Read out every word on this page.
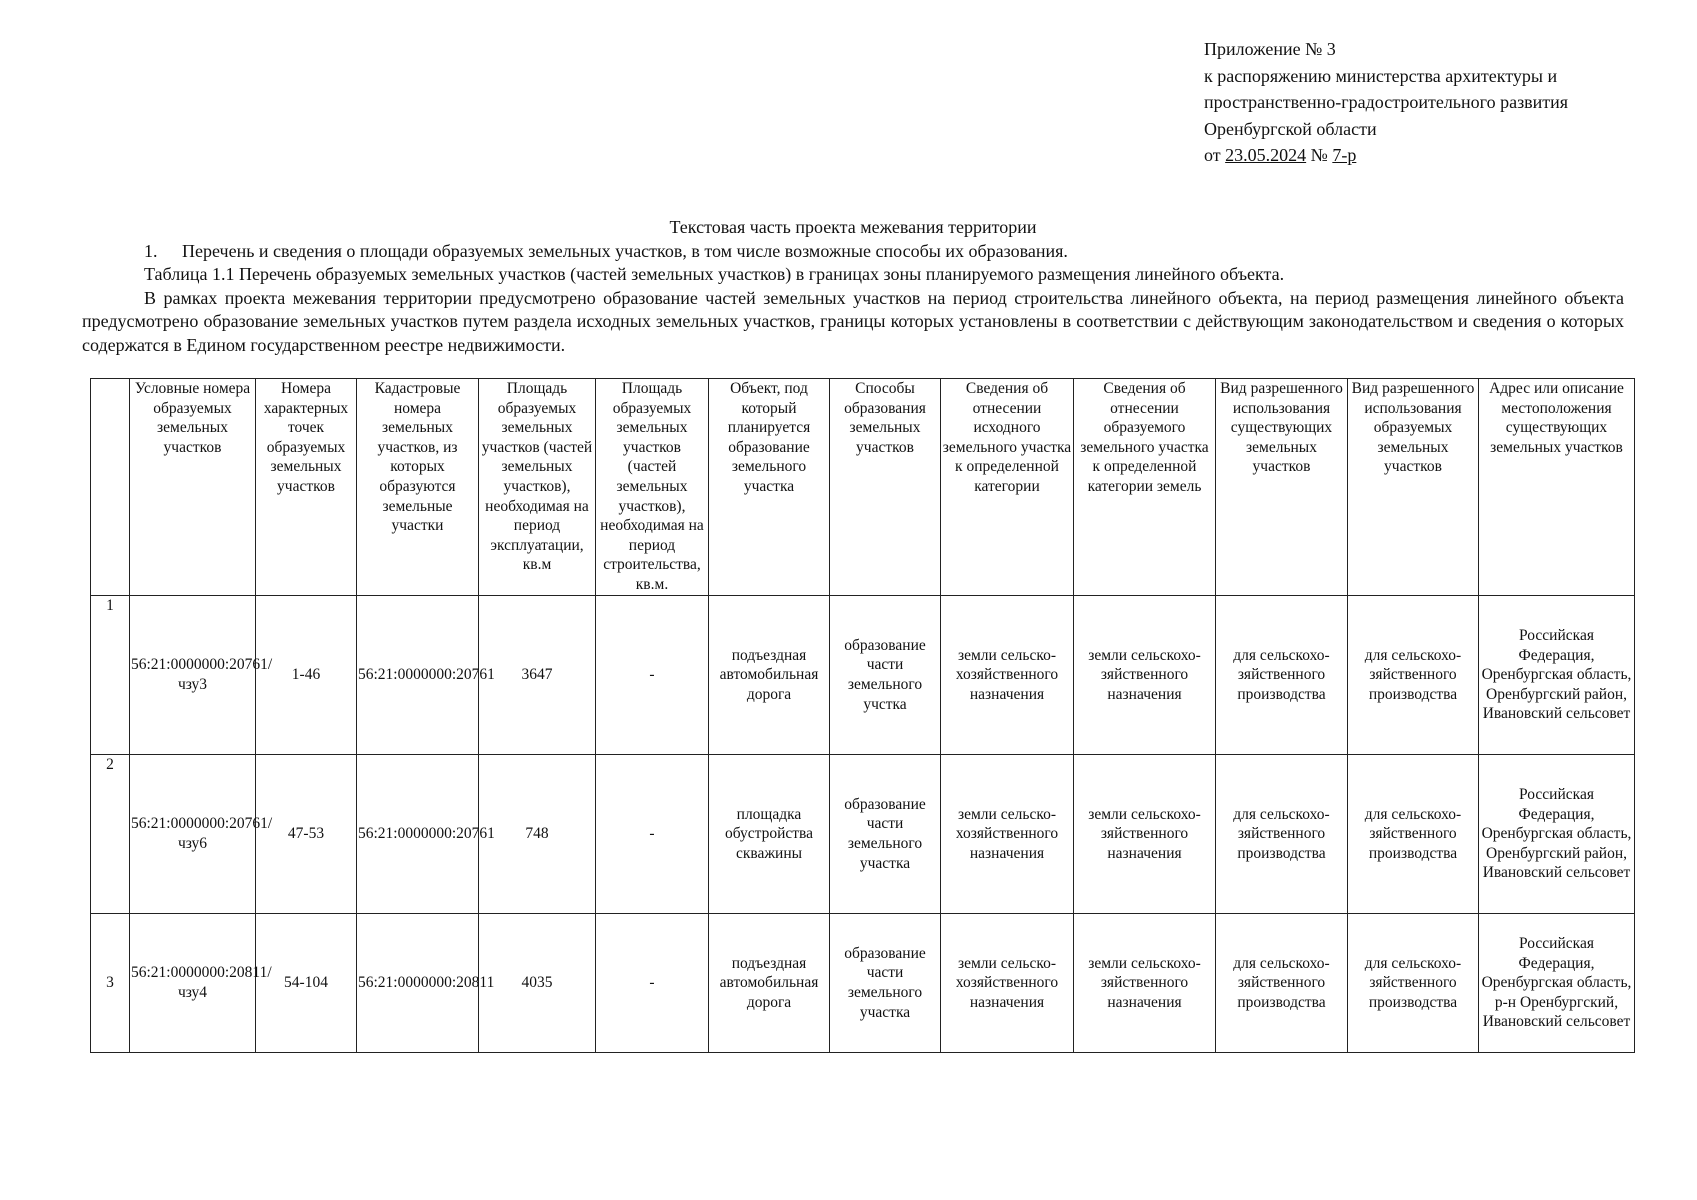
Приложение № 3
к распоряжению министерства архитектуры и
пространственно-градостроительного развития
Оренбургской области
от 23.05.2024 № 7-р
Текстовая часть проекта межевания территории
1. Перечень и сведения о площади образуемых земельных участков, в том числе возможные способы их образования.
Таблица 1.1 Перечень образуемых земельных участков (частей земельных участков) в границах зоны планируемого размещения линейного объекта.
В рамках проекта межевания территории предусмотрено образование частей земельных участков на период строительства линейного объекта, на период размещения линейного объекта предусмотрено образование земельных участков путем раздела исходных земельных участков, границы которых установлены в соответствии с действующим законодательством и сведения о которых содержатся в Едином государственном реестре недвижимости.
	Условные номера образуемых земельных участков	Номера характерных точек образуемых земельных участков	Кадастровые номера земельных участков, из которых образуются земельные участки	Площадь образуемых земельных участков (частей земельных участков), необходимая на период эксплуатации, кв.м	Площадь образуемых земельных участков (частей земельных участков), необходимая на период строительства, кв.м.	Объект, под который планируется образование земельного участка	Способы образования земельных участков	Сведения об отнесении исходного земельного участка к определенной категории	Сведения об отнесении образуемого земельного участка к определенной категории земель	Вид разрешенного использования существующих земельных участков	Вид разрешенного использования образуемых земельных участков	Адрес или описание местоположения существующих земельных участков
1	56:21:0000000:20761/чзу3	1-46	56:21:0000000:20761	3647	-	подъездная автомобильная дорога	образование части земельного учстка	земли сельско-хозяйственного назначения	земли сельскохо-зяйственного назначения	для сельскохо-зяйственного производства	для сельскохо-зяйственного производства	Российская Федерация, Оренбургская область, Оренбургский район, Ивановский сельсовет
2	56:21:0000000:20761/чзу6	47-53	56:21:0000000:20761	748	-	площадка обустройства скважины	образование части земельного участка	земли сельско-хозяйственного назначения	земли сельскохо-зяйственного назначения	для сельскохо-зяйственного производства	для сельскохо-зяйственного производства	Российская Федерация, Оренбургская область, Оренбургский район, Ивановский сельсовет
3	56:21:0000000:20811/чзу4	54-104	56:21:0000000:20811	4035	-	подъездная автомобильная дорога	образование части земельного участка	земли сельско-хозяйственного назначения	земли сельскохо-зяйственного назначения	для сельскохо-зяйственного производства	для сельскохо-зяйственного производства	Российская Федерация, Оренбургская область, р-н Оренбургский, Ивановский сельсовет
